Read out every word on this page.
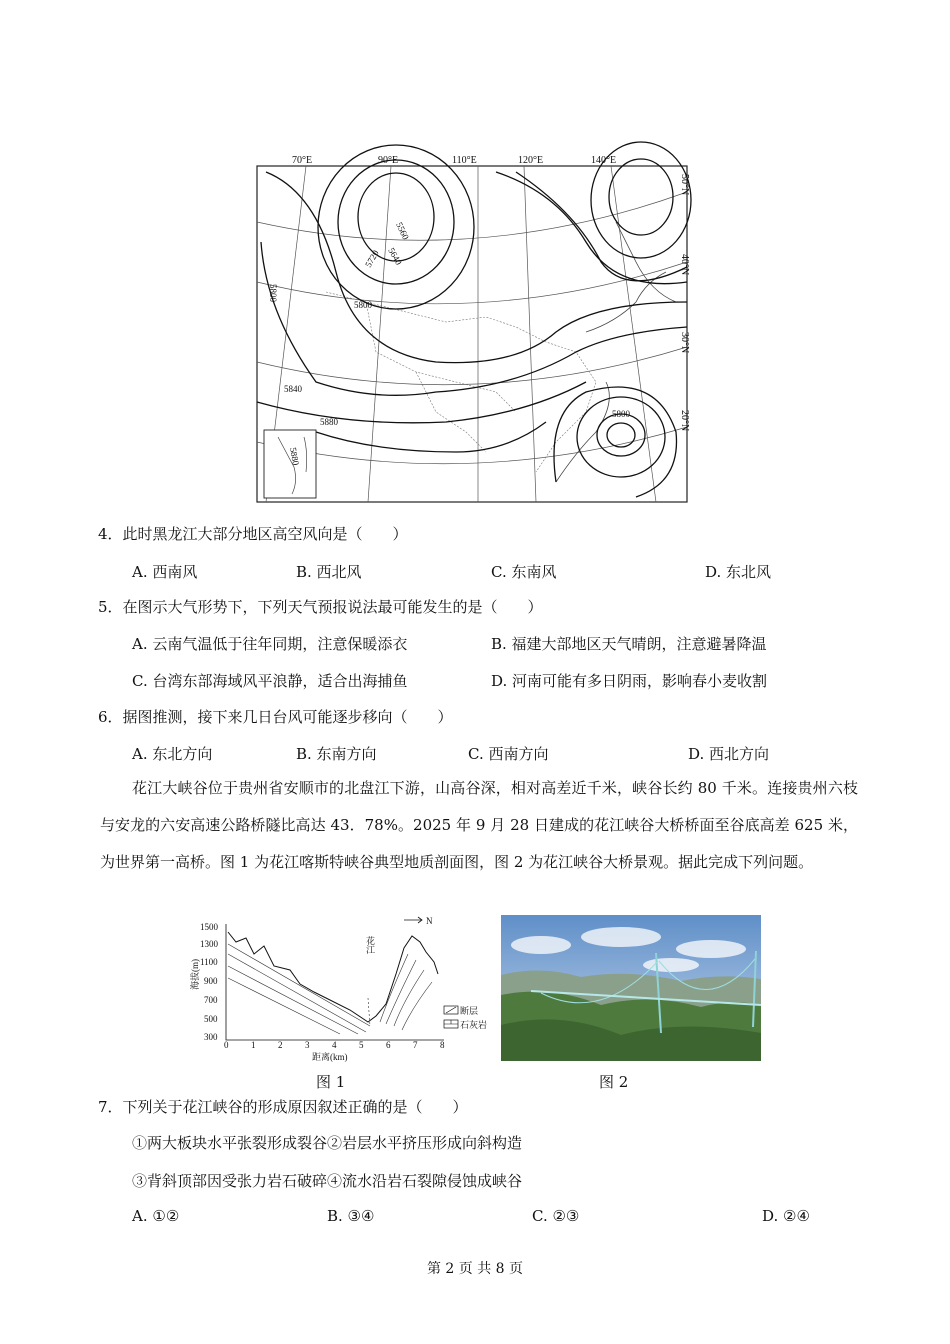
70°E	90°E	110°E	120°E	140°E
50°N
40°N
30°N
20°N
5560
5640
5720
5800
5800
5840
5880
5880
5800
4．此时黑龙江大部分地区高空风向是（　　）
A. 西南风	B. 西北风	C. 东南风	D. 东北风
5．在图示大气形势下，下列天气预报说法最可能发生的是（　　）
A. 云南气温低于往年同期，注意保暖添衣	B. 福建大部地区天气晴朗，注意避暑降温
C. 台湾东部海域风平浪静，适合出海捕鱼	D. 河南可能有多日阴雨，影响春小麦收割
6．据图推测，接下来几日台风可能逐步移向（　　）
A. 东北方向	B. 东南方向	C. 西南方向	D. 西北方向

花江大峡谷位于贵州省安顺市的北盘江下游，山高谷深，相对高差近千米，峡谷长约 80 千米。连接贵州六枝与安龙的六安高速公路桥隧比高达 43．78%。2025 年 9 月 28 日建成的花江峡谷大桥桥面至谷底高差 625 米，为世界第一高桥。图 1 为花江喀斯特峡谷典型地质剖面图，图 2 为花江峡谷大桥景观。据此完成下列问题。

1500
1300
1100
900
700
500
300
0	1	2	3	4	5	6	7	8
距离(km)
海拔(m)
N
花江
断层
石灰岩
图 1	图 2
7．下列关于花江峡谷的形成原因叙述正确的是（　　）
①两大板块水平张裂形成裂谷②岩层水平挤压形成向斜构造
③背斜顶部因受张力岩石破碎④流水沿岩石裂隙侵蚀成峡谷
A. ①②	B. ③④	C. ②③	D. ②④
第 2 页 共 8 页
